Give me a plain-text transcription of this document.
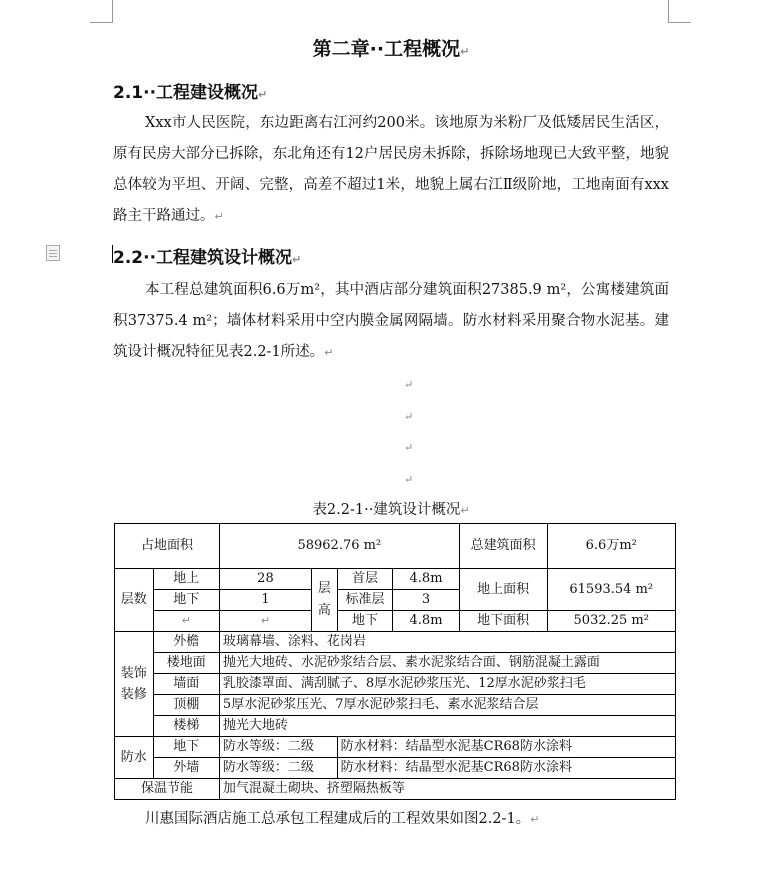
第二章··工程概况↵
2.1··工程建设概况↵
Xxx市人民医院，东边距离右江河约200米。该地原为米粉厂及低矮居民生活区，原有民房大部分已拆除，东北角还有12户居民房未拆除，拆除场地现已大致平整，地貌总体较为平坦、开阔、完整，高差不超过1米，地貌上属右江Ⅱ级阶地，工地南面有xxx路主干路通过。↵
2.2··工程建筑设计概况↵
本工程总建筑面积6.6万m²，其中酒店部分建筑面积27385.9 m²，公寓楼建筑面积37375.4 m²；墙体材料采用中空内膜金属网隔墙。防水材料采用聚合物水泥基。建筑设计概况特征见表2.2-1所述。↵
↵
↵
↵
↵
表2.2-1··建筑设计概况↵
占地面积		58962.76 m²				总建筑面积	6.6万m²
层数	地上	28	层高	首层	4.8m	地上面积	61593.54 m²
	地下	1		标准层	3		
	↵	↵		地下	4.8m	地下面积	5032.25 m²
装饰装修	外檐	玻璃幕墙、涂料、花岗岩					
	楼地面	抛光大地砖、水泥砂浆结合层、素水泥浆结合面、钢筋混凝土露面					
	墙面	乳胶漆罩面、满刮腻子、8厚水泥砂浆压光、12厚水泥砂浆扫毛					
	顶棚	5厚水泥砂浆压光、7厚水泥砂浆扫毛、素水泥浆结合层					
	楼梯	抛光大地砖					
防水	地下	防水等级：二级		防水材料：结晶型水泥基CR68防水涂料			
	外墙	防水等级：二级		防水材料：结晶型水泥基CR68防水涂料			
保温节能		加气混凝土砌块、挤塑隔热板等					
川惠国际酒店施工总承包工程建成后的工程效果如图2.2-1。↵
